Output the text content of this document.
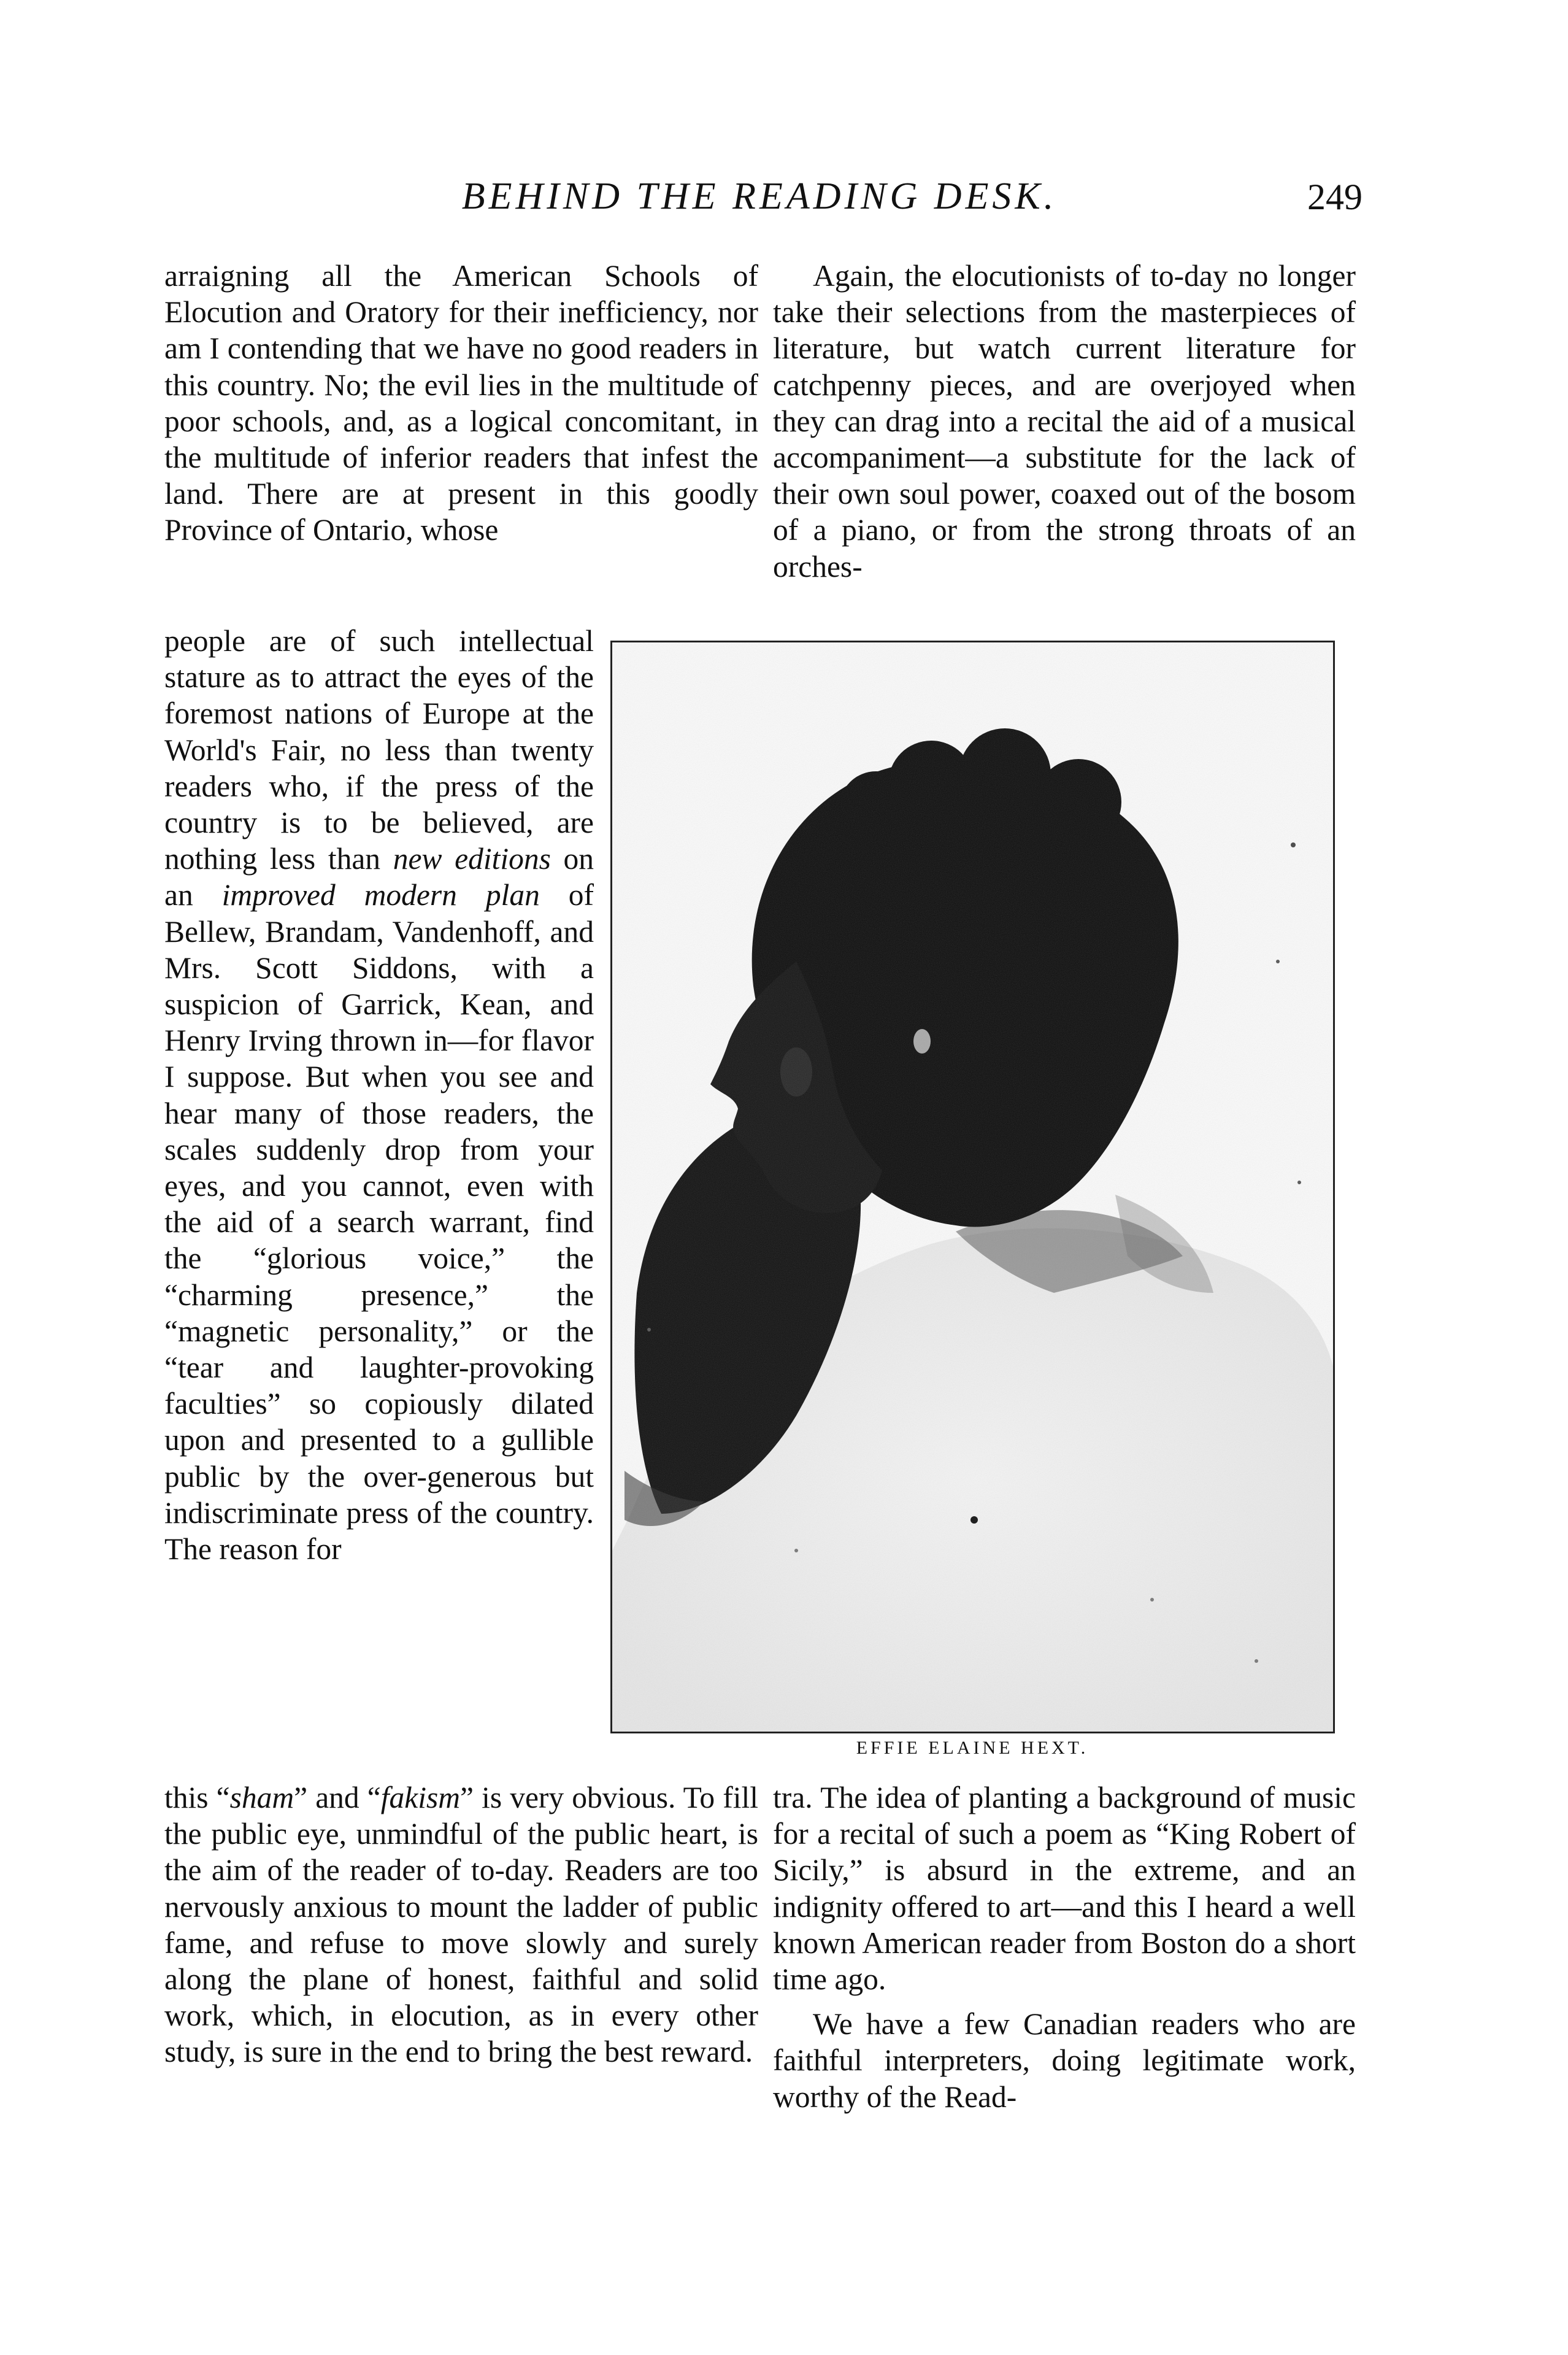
BEHIND THE READING DESK.	249

arraigning all the American Schools of Elocution and Oratory for their inefficiency, nor am I contending that we have no good readers in this country. No; the evil lies in the multitude of poor schools, and, as a logical concomitant, in the multitude of inferior readers that infest the land. There are at present in this goodly Province of Ontario, whose

people are of such intellectual stature as to attract the eyes of the foremost nations of Europe at the World's Fair, no less than twenty readers who, if the press of the country is to be believed, are nothing less than new editions on an improved modern plan of Bellew, Brandam, Vandenhoff, and Mrs. Scott Siddons, with a suspicion of Garrick, Kean, and Henry Irving thrown in—for flavor I suppose. But when you see and hear many of those readers, the scales suddenly drop from your eyes, and you cannot, even with the aid of a search warrant, find the “glorious voice,” the “charming presence,” the “magnetic personality,” or the “tear and laughter-provoking faculties” so copiously dilated upon and presented to a gullible public by the over-generous but indiscriminate press of the country. The reason for

this “sham” and “fakism” is very obvious. To fill the public eye, unmindful of the public heart, is the aim of the reader of to-day. Readers are too nervously anxious to mount the ladder of public fame, and refuse to move slowly and surely along the plane of honest, faithful and solid work, which, in elocution, as in every other study, is sure in the end to bring the best reward.

Again, the elocutionists of to-day no longer take their selections from the masterpieces of literature, but watch current literature for catchpenny pieces, and are overjoyed when they can drag into a recital the aid of a musical accompaniment—a substitute for the lack of their own soul power, coaxed out of the bosom of a piano, or from the strong throats of an orches-

EFFIE ELAINE HEXT.

tra. The idea of planting a background of music for a recital of such a poem as “King Robert of Sicily,” is absurd in the extreme, and an indignity offered to art—and this I heard a well known American reader from Boston do a short time ago.

We have a few Canadian readers who are faithful interpreters, doing legitimate work, worthy of the Read-
